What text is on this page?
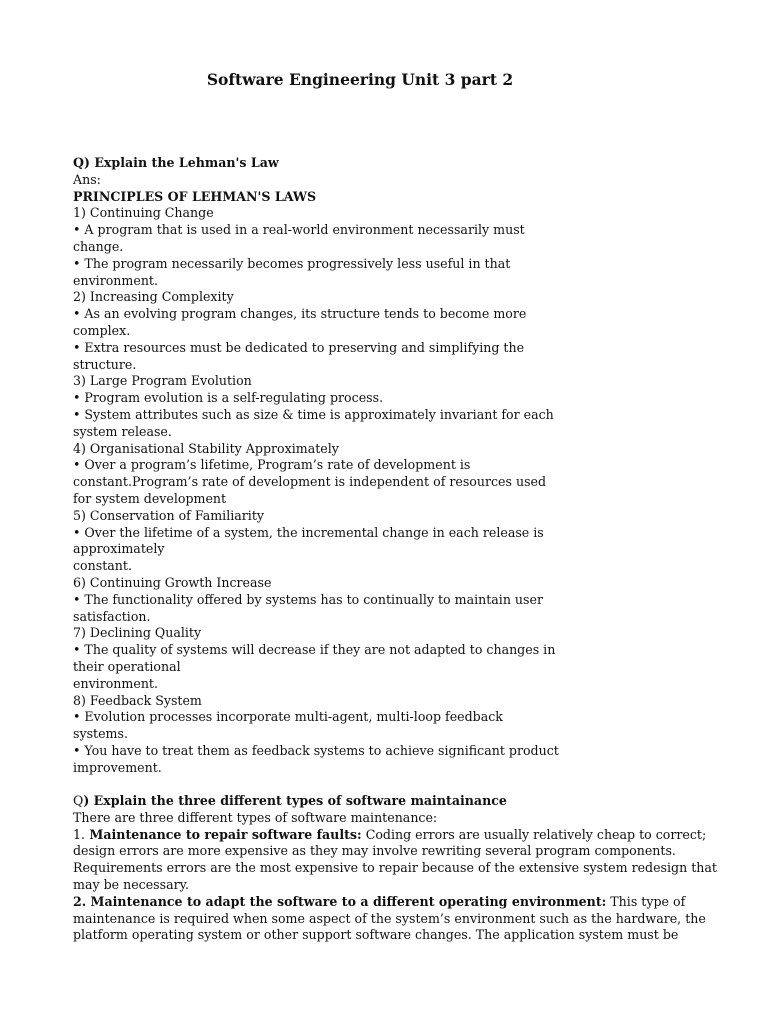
Software Engineering Unit 3 part 2
Q) Explain the Lehman's Law
Ans:
PRINCIPLES OF LEHMAN'S LAWS
1) Continuing Change
• A program that is used in a real-world environment necessarily must
change.
• The program necessarily becomes progressively less useful in that
environment.
2) Increasing Complexity
• As an evolving program changes, its structure tends to become more
complex.
• Extra resources must be dedicated to preserving and simplifying the
structure.
3) Large Program Evolution
• Program evolution is a self-regulating process.
• System attributes such as size & time is approximately invariant for each
system release.
4) Organisational Stability Approximately
• Over a program’s lifetime, Program’s rate of development is
constant.Program’s rate of development is independent of resources used
for system development
5) Conservation of Familiarity
• Over the lifetime of a system, the incremental change in each release is
approximately
constant.
6) Continuing Growth Increase
• The functionality offered by systems has to continually to maintain user
satisfaction.
7) Declining Quality
• The quality of systems will decrease if they are not adapted to changes in
their operational
environment.
8) Feedback System
• Evolution processes incorporate multi-agent, multi-loop feedback
systems.
• You have to treat them as feedback systems to achieve significant product
improvement.
Q) Explain the three different types of software maintainance
There are three different types of software maintenance:
1. Maintenance to repair software faults: Coding errors are usually relatively cheap to correct;
design errors are more expensive as they may involve rewriting several program components.
Requirements errors are the most expensive to repair because of the extensive system redesign that
may be necessary.
2. Maintenance to adapt the software to a different operating environment: This type of
maintenance is required when some aspect of the system’s environment such as the hardware, the
platform operating system or other support software changes. The application system must be
